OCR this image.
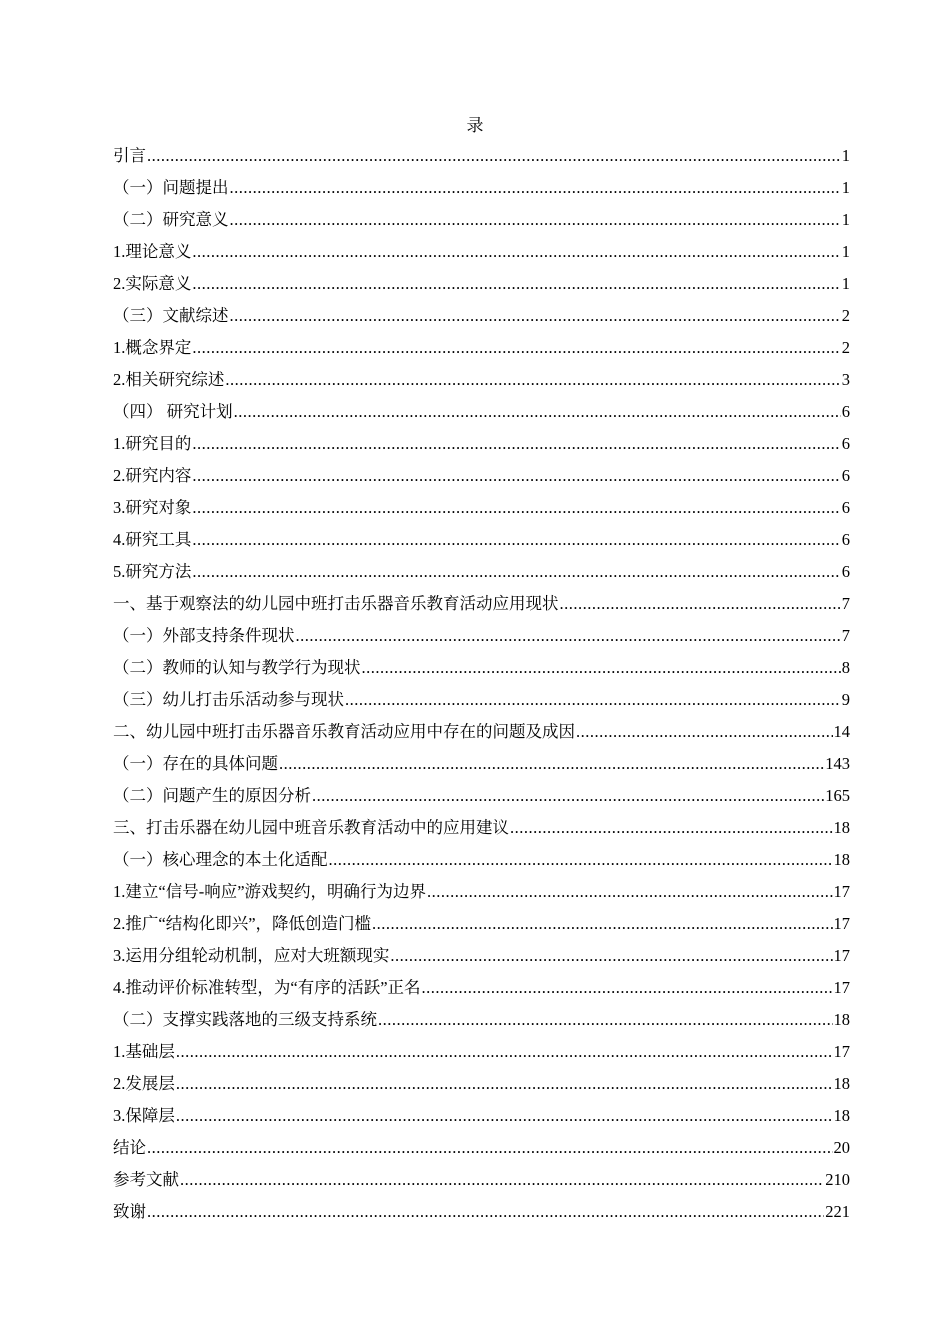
录
引言 .....	1
（一）问题提出 .....	1
（二）研究意义 .....	1
1.理论意义 .....	1
2.实际意义 .....	1
（三）文献综述 .....	2
1.概念界定 .....	2
2.相关研究综述 .....	3
（四） 研究计划 .....	6
1.研究目的 .....	6
2.研究内容 .....	6
3.研究对象 .....	6
4.研究工具 .....	6
5.研究方法 .....	6
一、基于观察法的幼儿园中班打击乐器音乐教育活动应用现状 .....	7
（一）外部支持条件现状 .....	7
（二）教师的认知与教学行为现状 .....	8
（三）幼儿打击乐活动参与现状 .....	9
二、幼儿园中班打击乐器音乐教育活动应用中存在的问题及成因 .....	14
（一）存在的具体问题 .....	143
（二）问题产生的原因分析 .....	165
三、打击乐器在幼儿园中班音乐教育活动中的应用建议 .....	18
（一）核心理念的本土化适配 .....	18
1.建立“信号-响应”游戏契约，明确行为边界 .....	17
2.推广“结构化即兴”，降低创造门槛 .....	17
3.运用分组轮动机制，应对大班额现实 .....	17
4.推动评价标准转型，为“有序的活跃”正名 .....	17
（二）支撑实践落地的三级支持系统 .....	18
1.基础层 .....	17
2.发展层 .....	18
3.保障层 .....	18
结论 .....	20
参考文献 .....	210
致谢 .....	221
